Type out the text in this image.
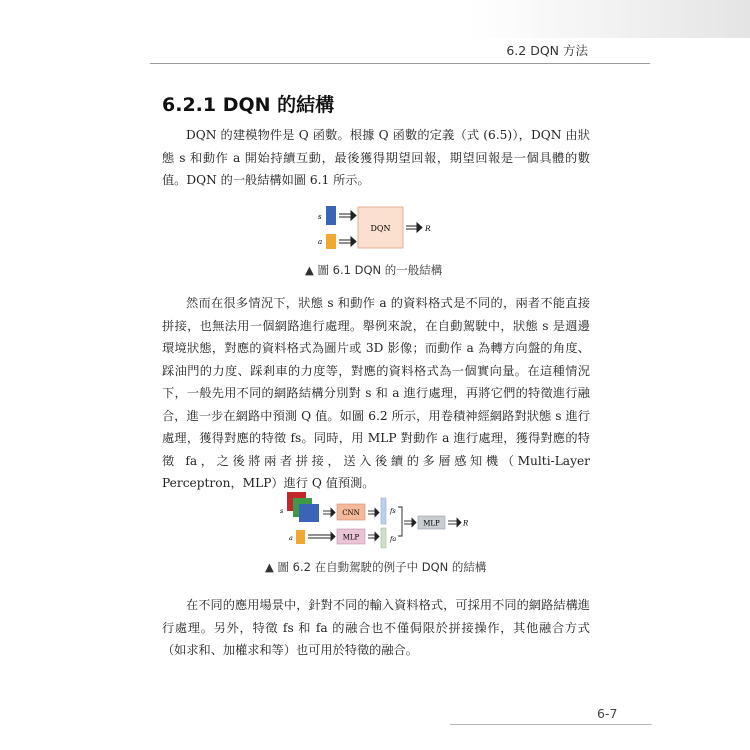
6.2 DQN 方法
6.2.1 DQN 的結構
DQN 的建模物件是 Q 函數。根據 Q 函數的定義（式 (6.5)），DQN 由狀態 s 和動作 a 開始持續互動，最後獲得期望回報，期望回報是一個具體的數值。DQN 的一般結構如圖 6.1 所示。
s
a
DQN	R
▲ 圖 6.1 DQN 的一般結構
然而在很多情況下，狀態 s 和動作 a 的資料格式是不同的，兩者不能直接拼接，也無法用一個網路進行處理。舉例來說，在自動駕駛中，狀態 s 是週邊環境狀態，對應的資料格式為圖片或 3D 影像；而動作 a 為轉方向盤的角度、踩油門的力度、踩剎車的力度等，對應的資料格式為一個實向量。在這種情況下，一般先用不同的網路結構分別對 s 和 a 進行處理，再將它們的特徵進行融合，進一步在網路中預測 Q 值。如圖 6.2 所示，用卷積神經網路對狀態 s 進行處理，獲得對應的特徵 fs。同時，用 MLP 對動作 a 進行處理，獲得對應的特徵 fa，之後將兩者拼接，送入後續的多層感知機（Multi-Layer Perceptron，MLP）進行 Q 值預測。
s
a
CNN
MLP
fs
fa
MLP	R
▲ 圖 6.2 在自動駕駛的例子中 DQN 的結構
在不同的應用場景中，針對不同的輸入資料格式，可採用不同的網路結構進行處理。另外，特徵 fs 和 fa 的融合也不僅侷限於拼接操作，其他融合方式（如求和、加權求和等）也可用於特徵的融合。
6-7
